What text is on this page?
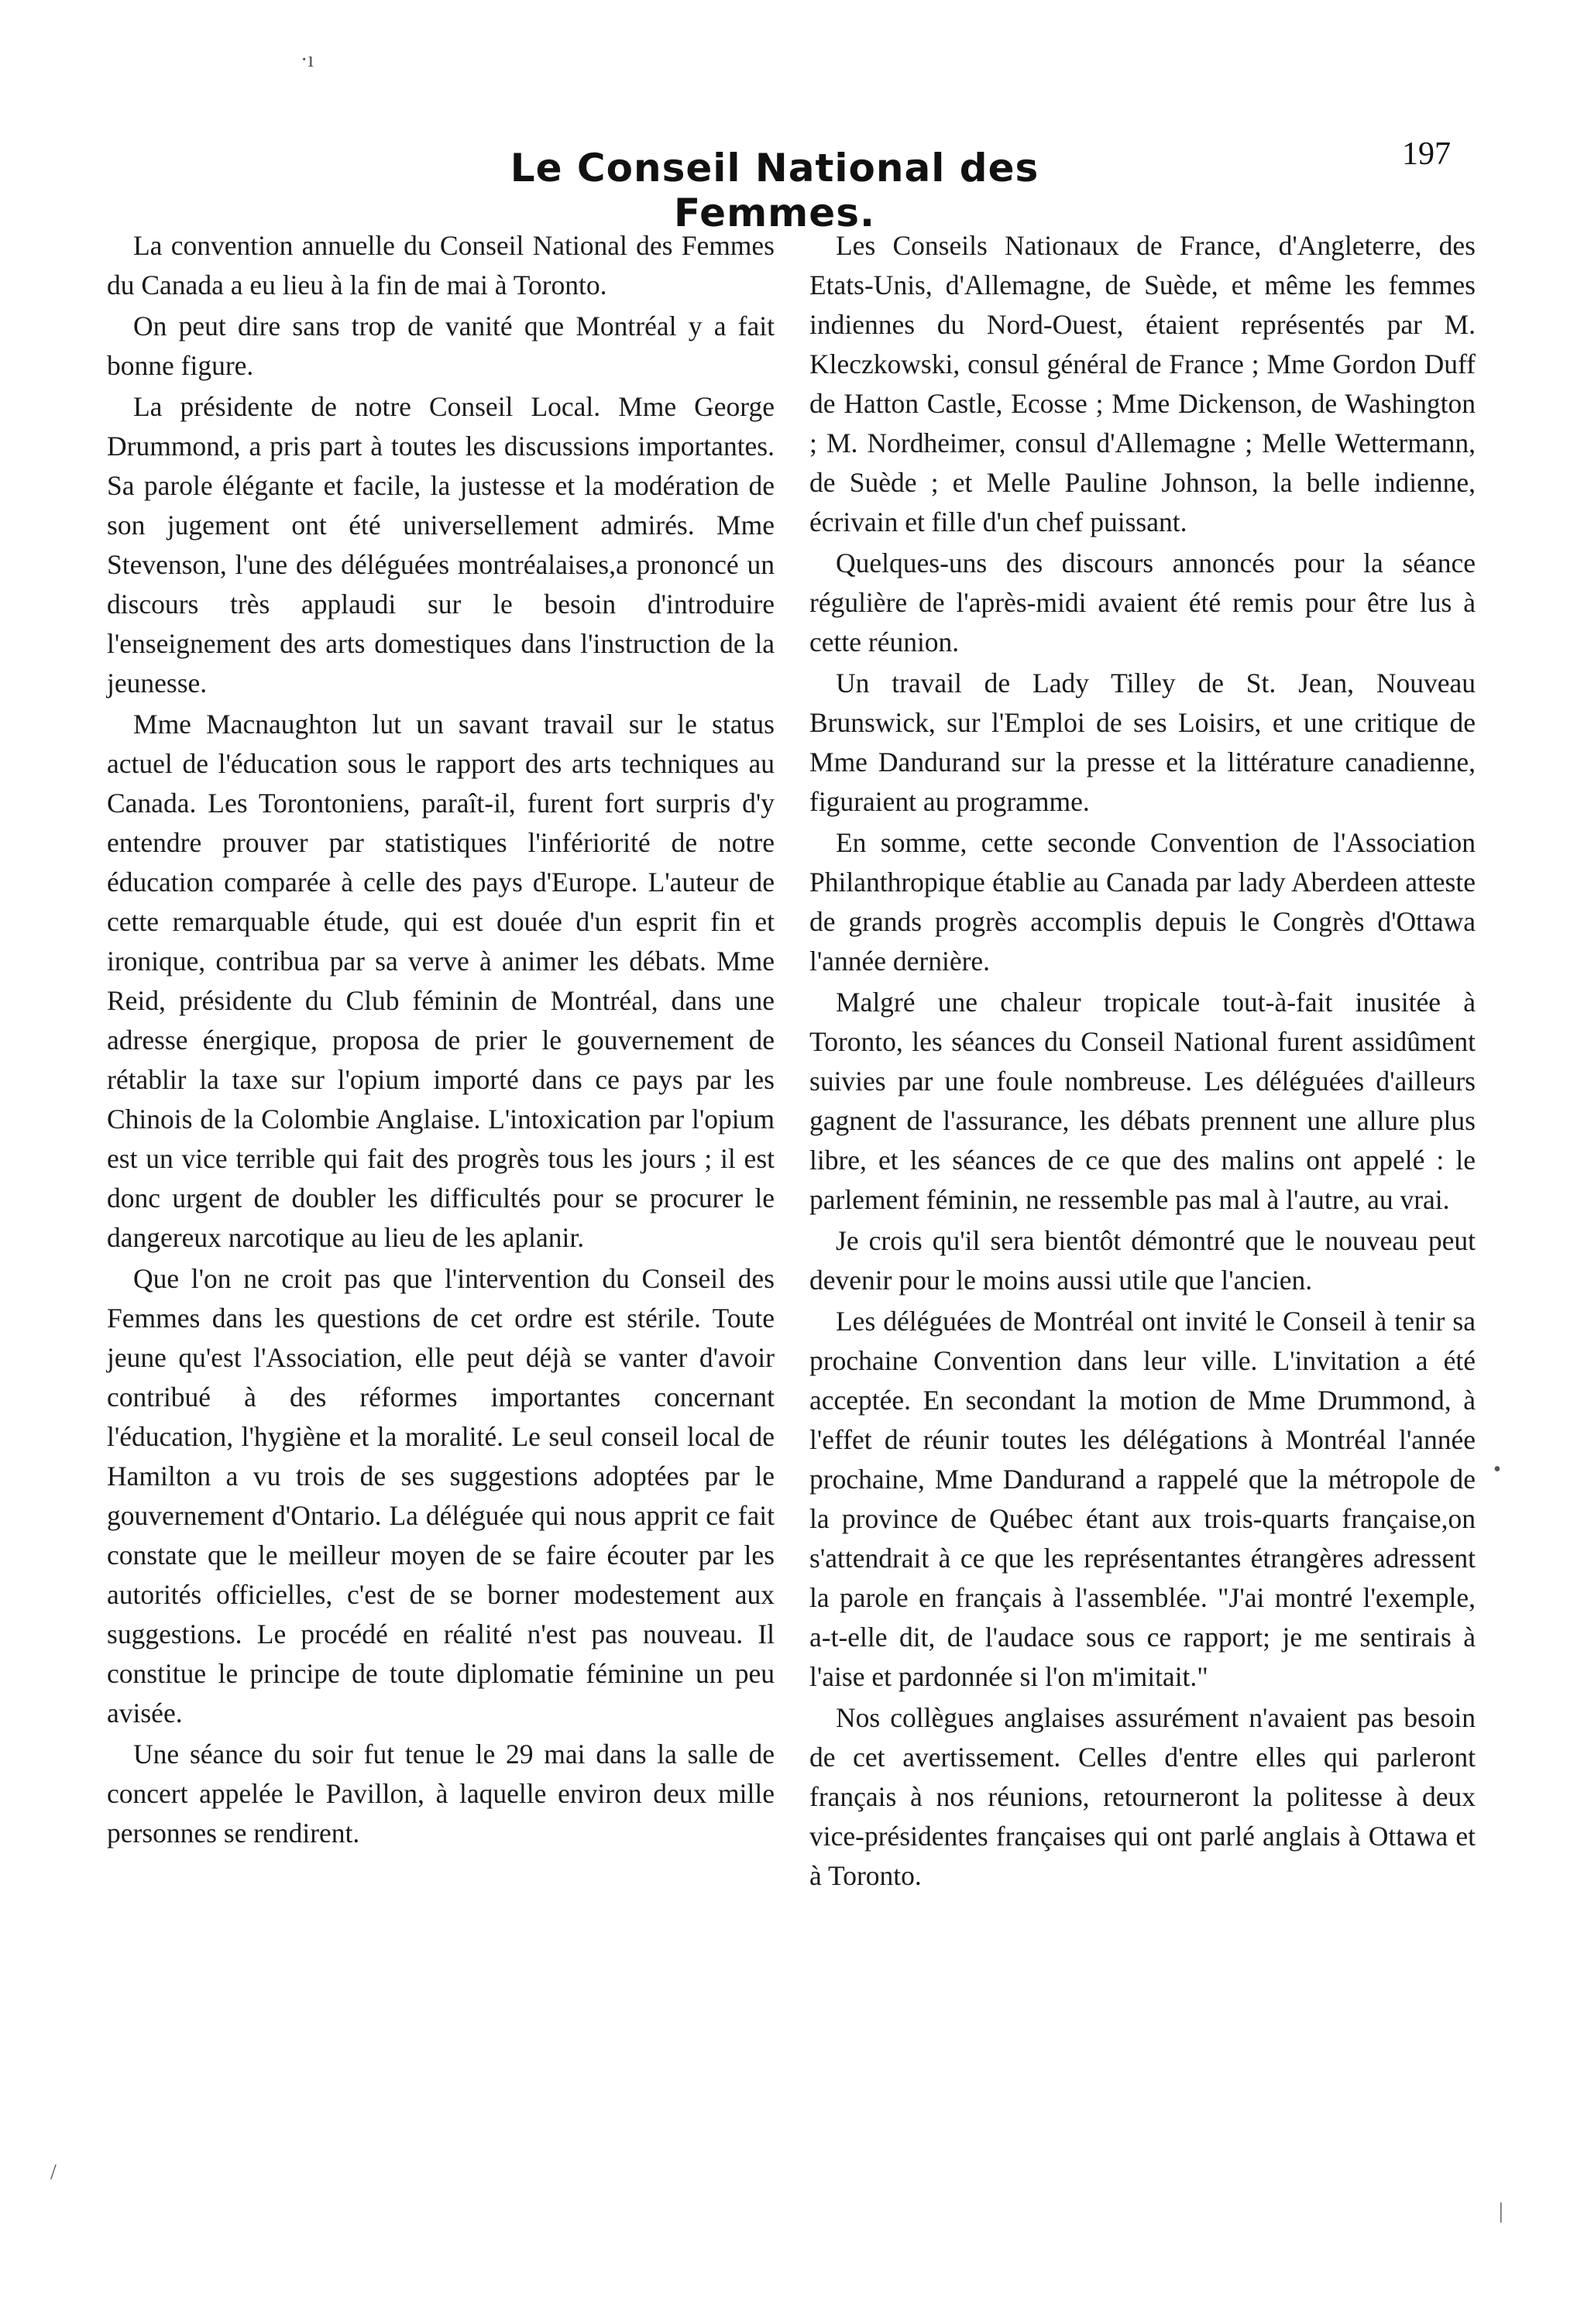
·ı
Le Conseil National des Femmes.
197

La convention annuelle du Conseil National des Femmes du Canada a eu lieu à la fin de mai à Toronto.

On peut dire sans trop de vanité que Montréal y a fait bonne figure.

La présidente de notre Conseil Local. Mme George Drummond, a pris part à toutes les discussions importantes. Sa parole élégante et facile, la justesse et la modération de son jugement ont été universellement admirés. Mme Stevenson, l'une des déléguées montréalaises,a prononcé un discours très applaudi sur le besoin d'introduire l'enseignement des arts domestiques dans l'instruction de la jeunesse.

Mme Macnaughton lut un savant travail sur le status actuel de l'éducation sous le rapport des arts techniques au Canada. Les Torontoniens, paraît-il, furent fort surpris d'y entendre prouver par statistiques l'infériorité de notre éducation comparée à celle des pays d'Europe. L'auteur de cette remarquable étude, qui est douée d'un esprit fin et ironique, contribua par sa verve à animer les débats. Mme Reid, présidente du Club féminin de Montréal, dans une adresse énergique, proposa de prier le gouvernement de rétablir la taxe sur l'opium importé dans ce pays par les Chinois de la Colombie Anglaise. L'intoxication par l'opium est un vice terrible qui fait des progrès tous les jours ; il est donc urgent de doubler les difficultés pour se procurer le dangereux narcotique au lieu de les aplanir.

Que l'on ne croit pas que l'intervention du Conseil des Femmes dans les questions de cet ordre est stérile. Toute jeune qu'est l'Association, elle peut déjà se vanter d'avoir contribué à des réformes importantes concernant l'éducation, l'hygiène et la moralité. Le seul conseil local de Hamilton a vu trois de ses suggestions adoptées par le gouvernement d'Ontario. La déléguée qui nous apprit ce fait constate que le meilleur moyen de se faire écouter par les autorités officielles, c'est de se borner modestement aux suggestions. Le procédé en réalité n'est pas nouveau. Il constitue le principe de toute diplomatie féminine un peu avisée.

Une séance du soir fut tenue le 29 mai dans la salle de concert appelée le Pavillon, à laquelle environ deux mille personnes se rendirent.

Les Conseils Nationaux de France, d'Angleterre, des Etats-Unis, d'Allemagne, de Suède, et même les femmes indiennes du Nord-Ouest, étaient représentés par M. Kleczkowski, consul général de France ; Mme Gordon Duff de Hatton Castle, Ecosse ; Mme Dickenson, de Washington ; M. Nordheimer, consul d'Allemagne ; Melle Wettermann, de Suède ; et Melle Pauline Johnson, la belle indienne, écrivain et fille d'un chef puissant.

Quelques-uns des discours annoncés pour la séance régulière de l'après-midi avaient été remis pour être lus à cette réunion.

Un travail de Lady Tilley de St. Jean, Nouveau Brunswick, sur l'Emploi de ses Loisirs, et une critique de Mme Dandurand sur la presse et la littérature canadienne, figuraient au programme.

En somme, cette seconde Convention de l'Association Philanthropique établie au Canada par lady Aberdeen atteste de grands progrès accomplis depuis le Congrès d'Ottawa l'année dernière.

Malgré une chaleur tropicale tout-à-fait inusitée à Toronto, les séances du Conseil National furent assidûment suivies par une foule nombreuse. Les déléguées d'ailleurs gagnent de l'assurance, les débats prennent une allure plus libre, et les séances de ce que des malins ont appelé : le parlement féminin, ne ressemble pas mal à l'autre, au vrai.

Je crois qu'il sera bientôt démontré que le nouveau peut devenir pour le moins aussi utile que l'ancien.

Les déléguées de Montréal ont invité le Conseil à tenir sa prochaine Convention dans leur ville. L'invitation a été acceptée. En secondant la motion de Mme Drummond, à l'effet de réunir toutes les délégations à Montréal l'année prochaine, Mme Dandurand a rappelé que la métropole de la province de Québec étant aux trois-quarts française,on s'attendrait à ce que les représentantes étrangères adressent la parole en français à l'assemblée. "J'ai montré l'exemple, a-t-elle dit, de l'audace sous ce rapport; je me sentirais à l'aise et pardonnée si l'on m'imitait."

Nos collègues anglaises assurément n'avaient pas besoin de cet avertissement. Celles d'entre elles qui parleront français à nos réunions, retourneront la politesse à deux vice-présidentes françaises qui ont parlé anglais à Ottawa et à Toronto.

•
/
|
